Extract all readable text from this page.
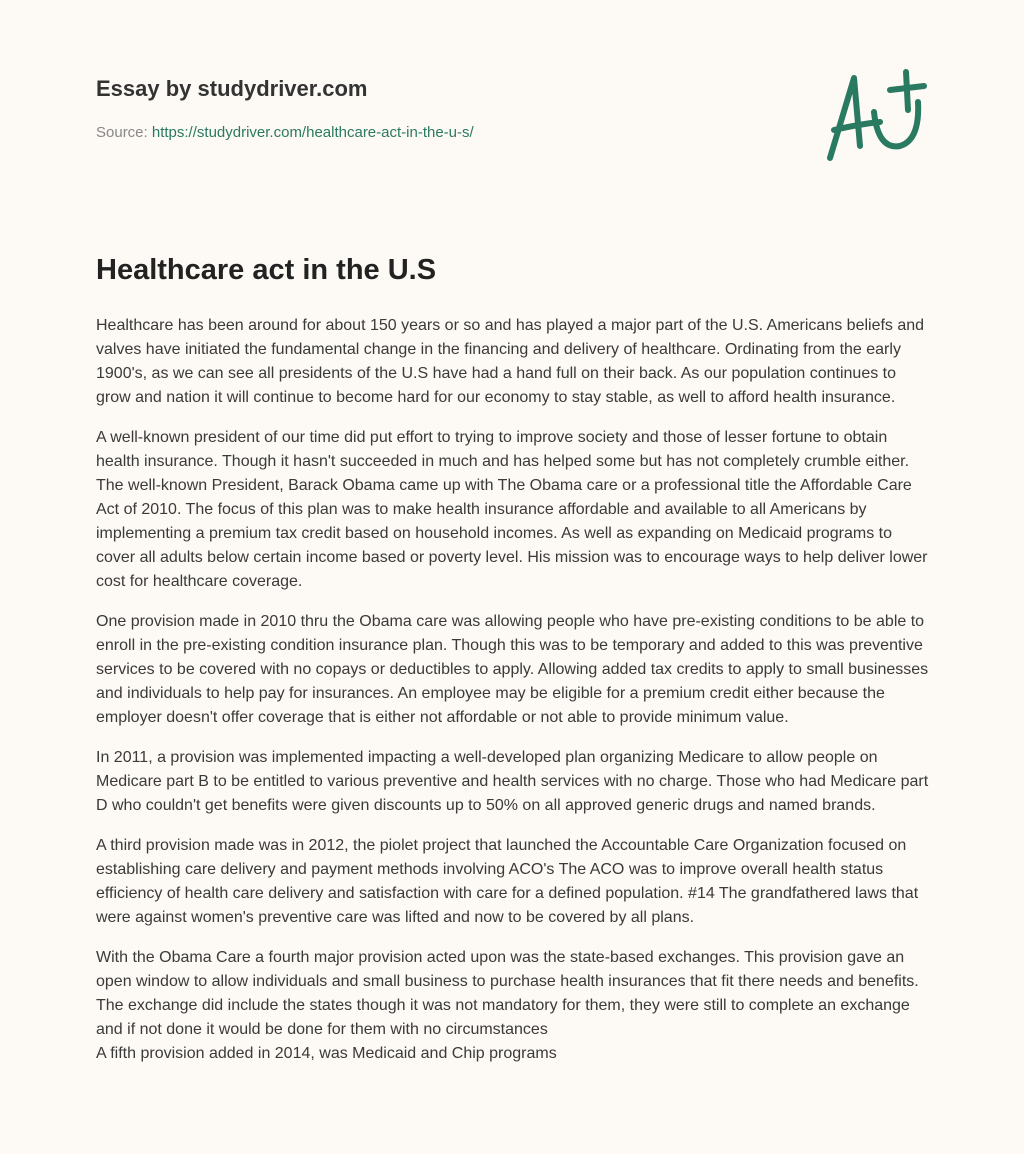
Essay by studydriver.com

Source: https://studydriver.com/healthcare-act-in-the-u-s/
Healthcare act in the U.S

Healthcare has been around for about 150 years or so and has played a major part of the U.S. Americans beliefs and valves have initiated the fundamental change in the financing and delivery of healthcare. Ordinating from the early 1900's, as we can see all presidents of the U.S have had a hand full on their back. As our population continues to grow and nation it will continue to become hard for our economy to stay stable, as well to afford health insurance.

A well-known president of our time did put effort to trying to improve society and those of lesser fortune to obtain health insurance. Though it hasn't succeeded in much and has helped some but has not completely crumble either. The well-known President, Barack Obama came up with The Obama care or a professional title the Affordable Care Act of 2010. The focus of this plan was to make health insurance affordable and available to all Americans by implementing a premium tax credit based on household incomes. As well as expanding on Medicaid programs to cover all adults below certain income based or poverty level. His mission was to encourage ways to help deliver lower cost for healthcare coverage.

One provision made in 2010 thru the Obama care was allowing people who have pre-existing conditions to be able to enroll in the pre-existing condition insurance plan. Though this was to be temporary and added to this was preventive services to be covered with no copays or deductibles to apply. Allowing added tax credits to apply to small businesses and individuals to help pay for insurances. An employee may be eligible for a premium credit either because the employer doesn't offer coverage that is either not affordable or not able to provide minimum value.

In 2011, a provision was implemented impacting a well-developed plan organizing Medicare to allow people on Medicare part B to be entitled to various preventive and health services with no charge. Those who had Medicare part D who couldn't get benefits were given discounts up to 50% on all approved generic drugs and named brands.

A third provision made was in 2012, the piolet project that launched the Accountable Care Organization focused on establishing care delivery and payment methods involving ACO's The ACO was to improve overall health status efficiency of health care delivery and satisfaction with care for a defined population. #14 The grandfathered laws that were against women's preventive care was lifted and now to be covered by all plans.

With the Obama Care a fourth major provision acted upon was the state-based exchanges. This provision gave an open window to allow individuals and small business to purchase health insurances that fit there needs and benefits. The exchange did include the states though it was not mandatory for them, they were still to complete an exchange and if not done it would be done for them with no circumstances
A fifth provision added in 2014, was Medicaid and Chip programs
